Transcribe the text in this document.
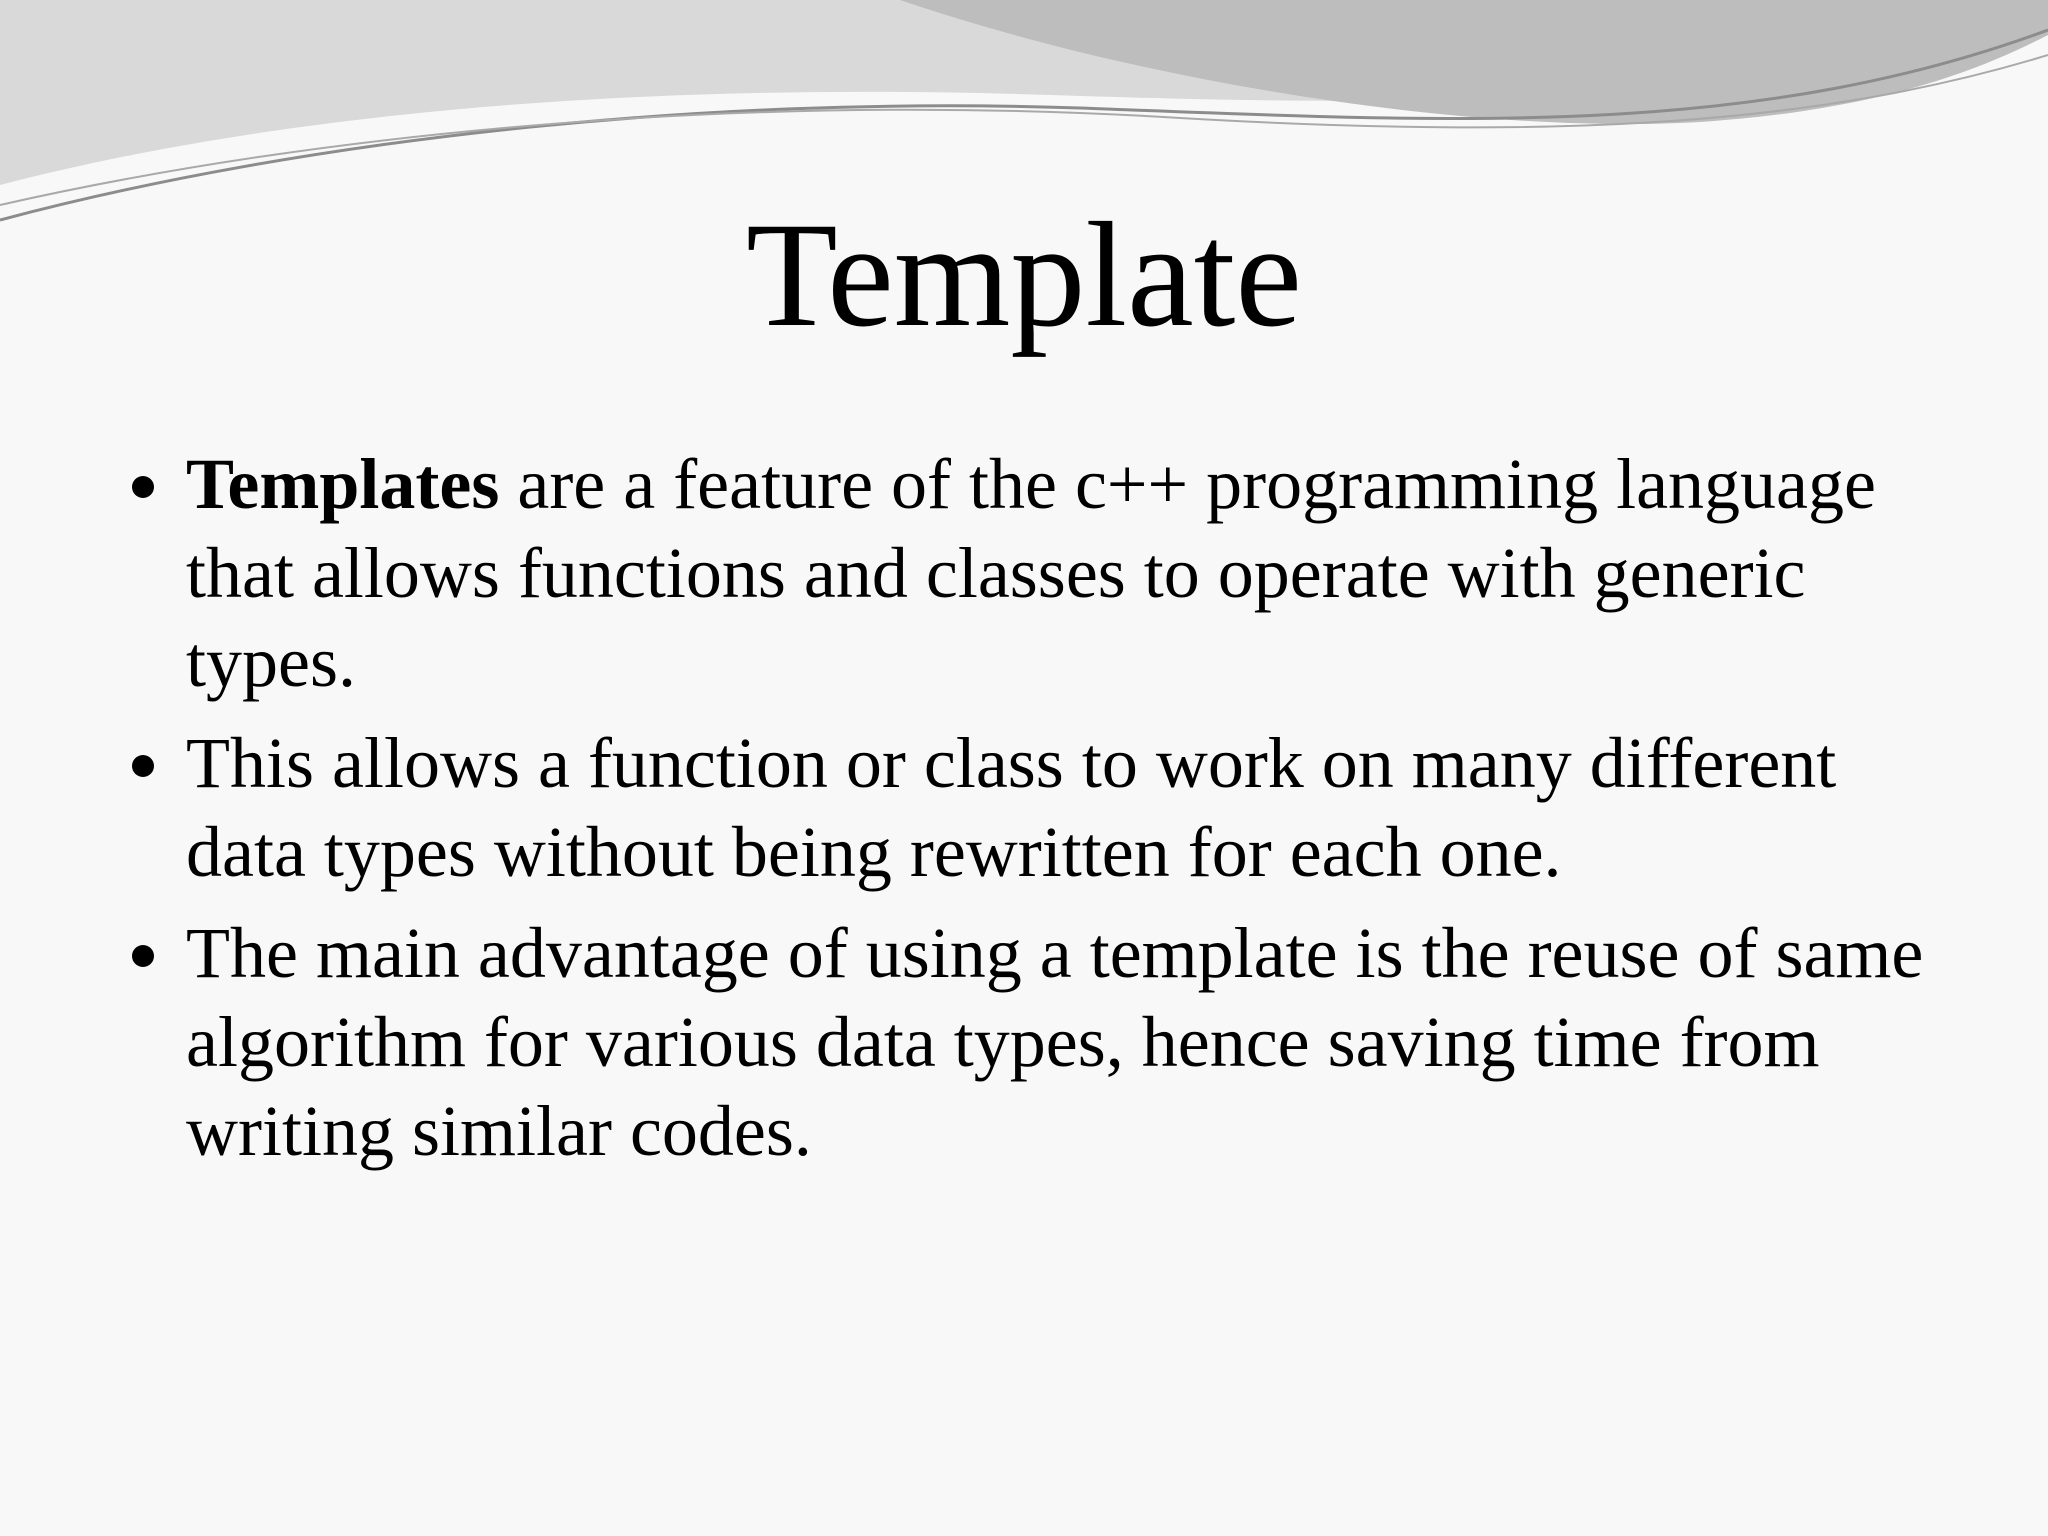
Template
Templates are a feature of the c++ programming language that allows functions and classes to operate with generic types.
This allows a function or class to work on many different data types without being rewritten for each one.
The main advantage of using a template is the reuse of same algorithm for various data types, hence saving time from writing similar codes.
